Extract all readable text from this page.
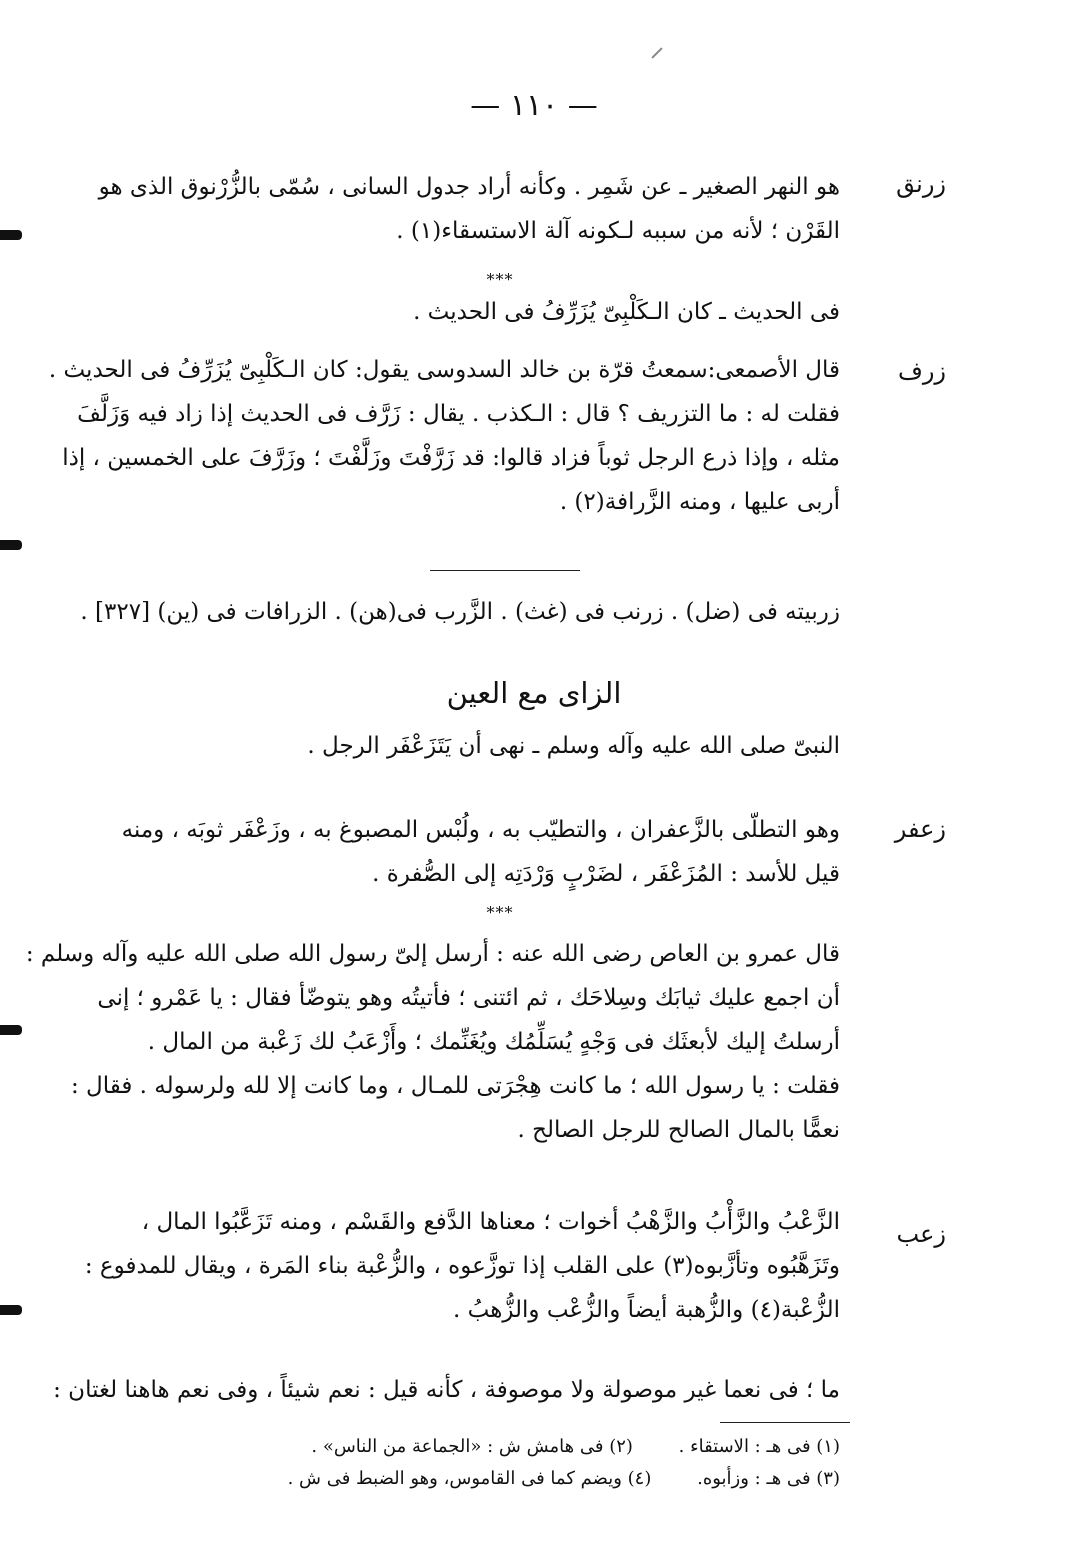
— ١١٠ —
زرنق
هو النهر الصغير ـ عن شَمِر . وكأنه أراد جدول السانى ، سُمّى بالزُّرْنوق الذى هو
القَرْن ؛ لأنه من سببه لـكونه آلة الاستسقاء(١) .
***
فى الحديث ـ كان الـكَلْبِىّ يُزَرِّفُ فى الحديث .
زرف
قال الأصمعى:سمعتُ قرّة بن خالد السدوسى يقول: كان الـكَلْبِىّ يُزَرِّفُ فى الحديث .
فقلت له : ما التزريف ؟ قال : الـكذب . يقال : زَرَّف فى الحديث إذا زاد فيه وَزَلَّفَ
مثله ، وإذا ذرع الرجل ثوباً فزاد قالوا: قد زَرَّفْتَ وزَلَّفْتَ ؛ وزَرَّفَ على الخمسين ، إذا
أربى عليها ، ومنه الزَّرافة(٢) .
زربيته فى (ضل) . زرنب فى (غث) . الزَّرب فى(هن) . الزرافات فى (ين) [٣٢٧] .
الزاى مع العين
النبىّ صلى الله عليه وآله وسلم ـ نهى أن يَتَزَعْفَر الرجل .
زعفر
وهو التطلّى بالزَّعفران ، والتطيّب به ، ولُبْس المصبوغ به ، وزَعْفَر ثوبَه ، ومنه
قيل للأسد : المُزَعْفَر ، لضَرْبٍ وَرْدَتِه إلى الصُّفرة .
***
قال عمرو بن العاص رضى الله عنه : أرسل إلىّ رسول الله صلى الله عليه وآله وسلم :
أن اجمع عليك ثيابَك وسِلاحَك ، ثم ائتنى ؛ فأتيتُه وهو يتوضّأ فقال : يا عَمْرو ؛ إنى
أرسلتُ إليك لأبعثَك فى وَجْهٍ يُسَلِّمُك ويُغَنِّمك ؛ وأَزْعَبُ لك زَعْبة من المال .
فقلت : يا رسول الله ؛ ما كانت هِجْرَتى للمـال ، وما كانت إلا لله ولرسوله . فقال :
نعمًّا بالمال الصالح للرجل الصالح .
زعب
الزَّعْبُ والزَّأْبُ والزَّهْبُ أخوات ؛ معناها الدَّفع والقَسْم ، ومنه تَزَعَّبُوا المال ،
وتَزَهَّبُوه وتأزَّبوه(٣) على القلب إذا توزَّعوه ، والزُّعْبة بناء المَرة ، ويقال للمدفوع :
الزُّعْبة(٤) والزُّهبة أيضاً والزُّعْب والزُّهبُ .
ما ؛ فى نعما غير موصولة ولا موصوفة ، كأنه قيل : نعم شيئاً ، وفى نعم هاهنا لغتان :
(١) فى هـ : الاستقاء . (٢) فى هامش ش : «الجماعة من الناس» .
(٣) فى هـ : وزأبوه. (٤) ويضم كما فى القاموس، وهو الضبط فى ش .
